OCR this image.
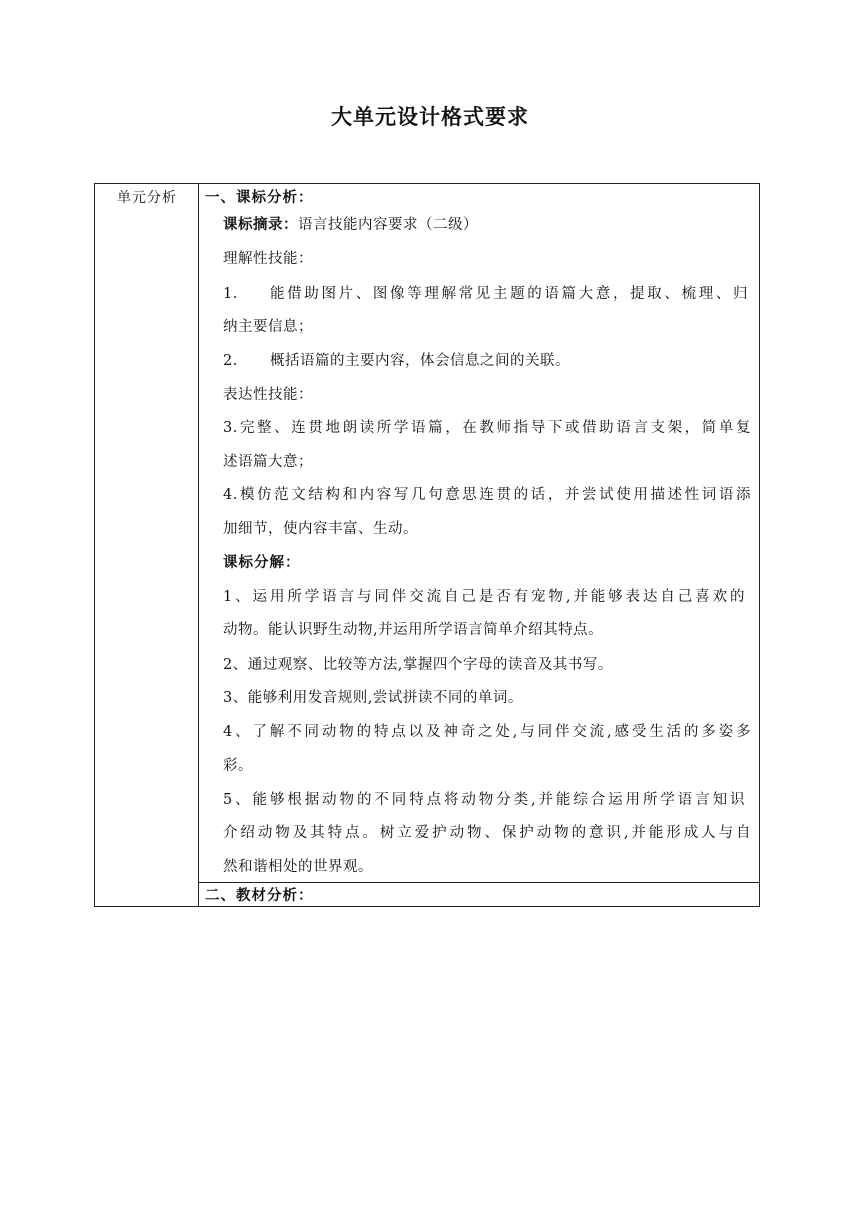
大单元设计格式要求
单元分析	一、课标分析：
课标摘录：语言技能内容要求（二级）
理解性技能：
1. 能借助图片、图像等理解常见主题的语篇大意，提取、梳理、归
纳主要信息；
2. 概括语篇的主要内容，体会信息之间的关联。
表达性技能：
3.完整、连贯地朗读所学语篇，在教师指导下或借助语言支架，简单复
述语篇大意；
4.模仿范文结构和内容写几句意思连贯的话，并尝试使用描述性词语添
加细节，使内容丰富、生动。
课标分解：
1、运用所学语言与同伴交流自己是否有宠物,并能够表达自己喜欢的
动物。能认识野生动物,并运用所学语言简单介绍其特点。
2、通过观察、比较等方法,掌握四个字母的读音及其书写。
3、能够利用发音规则,尝试拼读不同的单词。
4、了解不同动物的特点以及神奇之处,与同伴交流,感受生活的多姿多
彩。
5、能够根据动物的不同特点将动物分类,并能综合运用所学语言知识
介绍动物及其特点。树立爱护动物、保护动物的意识,并能形成人与自
然和谐相处的世界观。
二、教材分析：
